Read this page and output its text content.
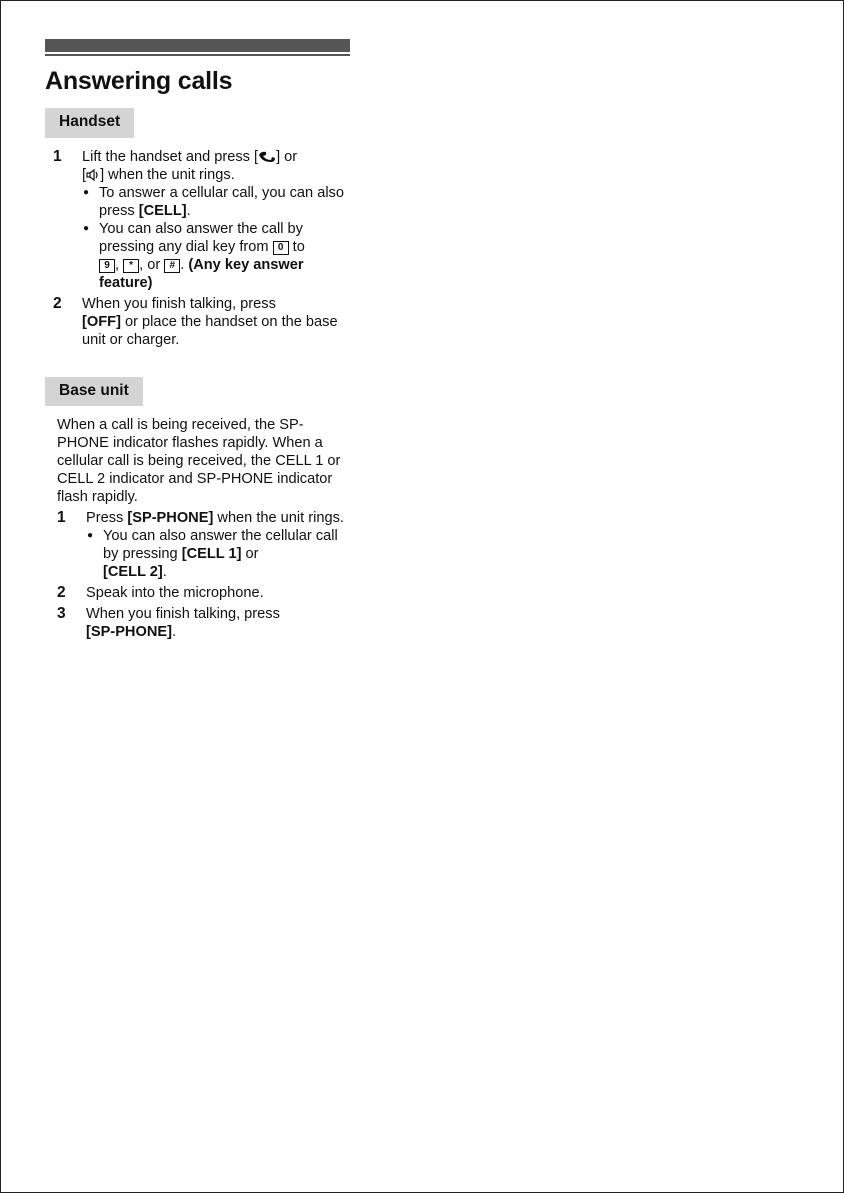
Answering calls
Handset
1 Lift the handset and press [ ] or
[ ] when the unit rings.
● To answer a cellular call, you can also press [CELL].
● You can also answer the call by pressing any dial key from 0 to
9 , * , or # . (Any key answer feature)
2 When you finish talking, press
[OFF] or place the handset on the base unit or charger.
Base unit
When a call is being received, the SP-PHONE indicator flashes rapidly. When a cellular call is being received, the CELL 1 or CELL 2 indicator and SP-PHONE indicator flash rapidly.
1 Press [SP-PHONE] when the unit rings.
● You can also answer the cellular call by pressing [CELL 1] or
[CELL 2].
2 Speak into the microphone.
3 When you finish talking, press
[SP-PHONE].
